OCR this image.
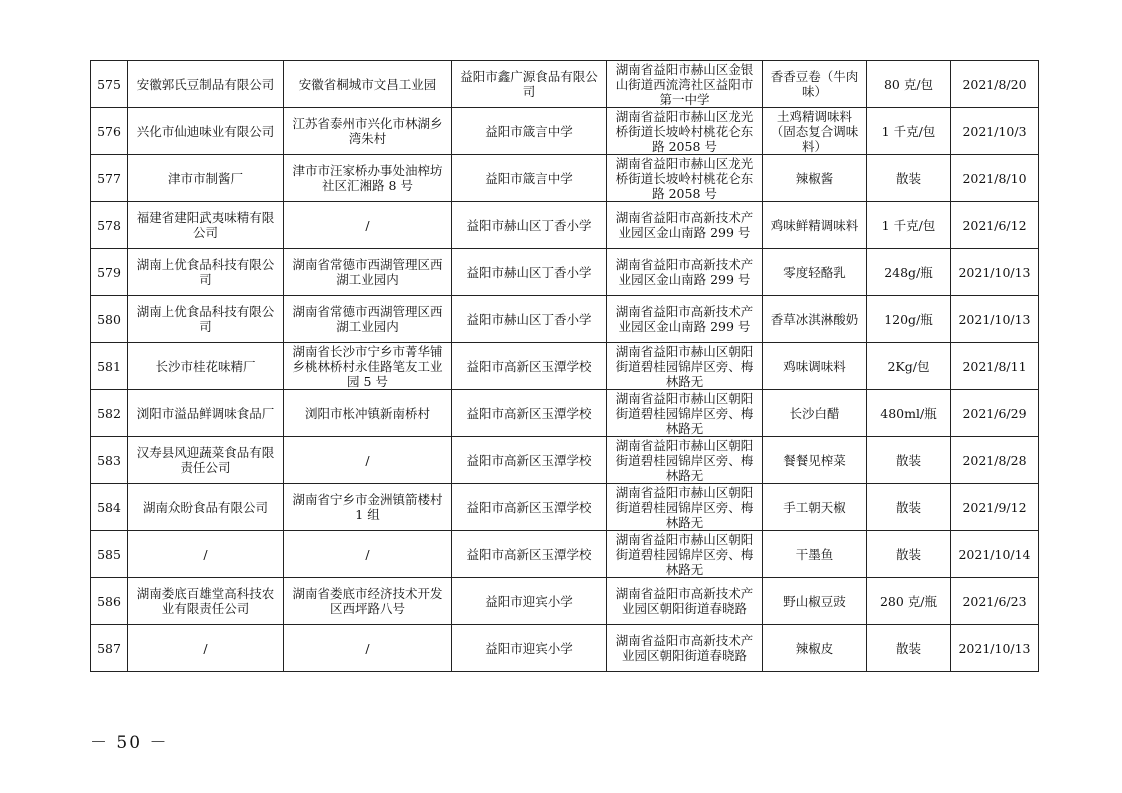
575	安徽郭氏豆制品有限公司	安徽省桐城市文昌工业园	益阳市鑫广源食品有限公司	湖南省益阳市赫山区金银山街道西流湾社区益阳市第一中学	香香豆卷（牛肉味）	80 克/包	2021/8/20
576	兴化市仙迪味业有限公司	江苏省泰州市兴化市林湖乡湾朱村	益阳市箴言中学	湖南省益阳市赫山区龙光桥街道长坡岭村桃花仑东路 2058 号	土鸡精调味料（固态复合调味料）	1 千克/包	2021/10/3
577	津市市制酱厂	津市市汪家桥办事处油榨坊社区汇湘路 8 号	益阳市箴言中学	湖南省益阳市赫山区龙光桥街道长坡岭村桃花仑东路 2058 号	辣椒酱	散装	2021/8/10
578	福建省建阳武夷味精有限公司	/	益阳市赫山区丁香小学	湖南省益阳市高新技术产业园区金山南路 299 号	鸡味鲜精调味料	1 千克/包	2021/6/12
579	湖南上优食品科技有限公司	湖南省常德市西湖管理区西湖工业园内	益阳市赫山区丁香小学	湖南省益阳市高新技术产业园区金山南路 299 号	零度轻酪乳	248g/瓶	2021/10/13
580	湖南上优食品科技有限公司	湖南省常德市西湖管理区西湖工业园内	益阳市赫山区丁香小学	湖南省益阳市高新技术产业园区金山南路 299 号	香草冰淇淋酸奶	120g/瓶	2021/10/13
581	长沙市桂花味精厂	湖南省长沙市宁乡市菁华铺乡桃林桥村永佳路笔友工业园 5 号	益阳市高新区玉潭学校	湖南省益阳市赫山区朝阳街道碧桂园锦岸区旁、梅林路无	鸡味调味料	2Kg/包	2021/8/11
582	浏阳市溢品鲜调味食品厂	浏阳市枨冲镇新南桥村	益阳市高新区玉潭学校	湖南省益阳市赫山区朝阳街道碧桂园锦岸区旁、梅林路无	长沙白醋	480ml/瓶	2021/6/29
583	汉寿县风迎蔬菜食品有限责任公司	/	益阳市高新区玉潭学校	湖南省益阳市赫山区朝阳街道碧桂园锦岸区旁、梅林路无	餐餐见榨菜	散装	2021/8/28
584	湖南众盼食品有限公司	湖南省宁乡市金洲镇箭楼村 1 组	益阳市高新区玉潭学校	湖南省益阳市赫山区朝阳街道碧桂园锦岸区旁、梅林路无	手工朝天椒	散装	2021/9/12
585	/	/	益阳市高新区玉潭学校	湖南省益阳市赫山区朝阳街道碧桂园锦岸区旁、梅林路无	干墨鱼	散装	2021/10/14
586	湖南娄底百雄堂高科技农业有限责任公司	湖南省娄底市经济技术开发区西坪路八号	益阳市迎宾小学	湖南省益阳市高新技术产业园区朝阳街道春晓路	野山椒豆豉	280 克/瓶	2021/6/23
587	/	/	益阳市迎宾小学	湖南省益阳市高新技术产业园区朝阳街道春晓路	辣椒皮	散装	2021/10/13
－ 50 －
